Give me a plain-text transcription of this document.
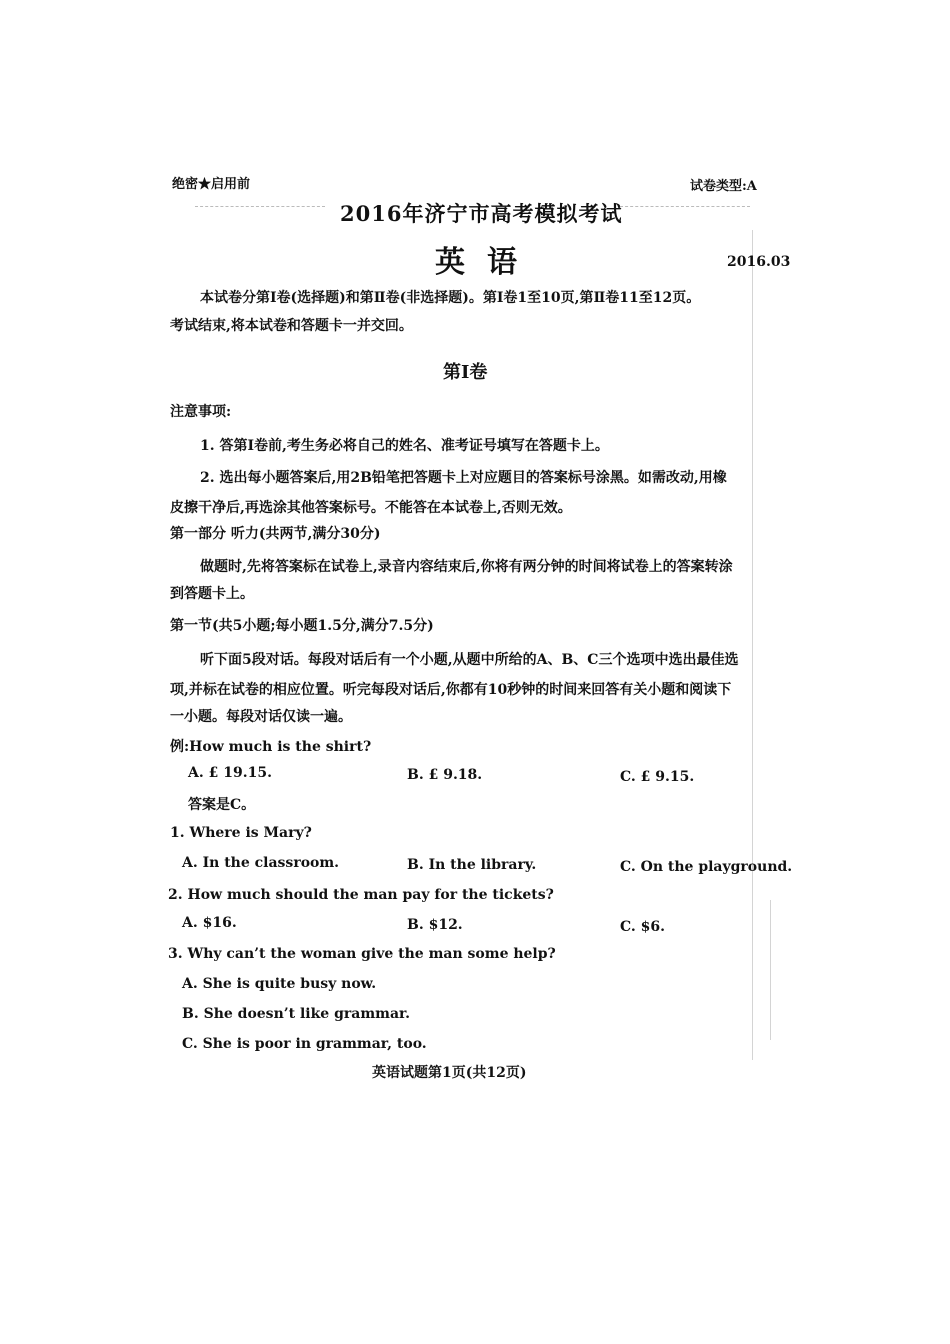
绝密★启用前	试卷类型:A
2016年济宁市高考模拟考试
英语	2016.03
本试卷分第Ⅰ卷(选择题)和第Ⅱ卷(非选择题)。第Ⅰ卷1至10页,第Ⅱ卷11至12页。
考试结束,将本试卷和答题卡一并交回。
第Ⅰ卷
注意事项:
1. 答第Ⅰ卷前,考生务必将自己的姓名、准考证号填写在答题卡上。
2. 选出每小题答案后,用2B铅笔把答题卡上对应题目的答案标号涂黑。如需改动,用橡
皮擦干净后,再选涂其他答案标号。不能答在本试卷上,否则无效。
第一部分 听力(共两节,满分30分)
做题时,先将答案标在试卷上,录音内容结束后,你将有两分钟的时间将试卷上的答案转涂
到答题卡上。
第一节(共5小题;每小题1.5分,满分7.5分)
听下面5段对话。每段对话后有一个小题,从题中所给的A、B、C三个选项中选出最佳选
项,并标在试卷的相应位置。听完每段对话后,你都有10秒钟的时间来回答有关小题和阅读下
一小题。每段对话仅读一遍。
例:How much is the shirt?
A. £ 19.15.	B. £ 9.18.	C. £ 9.15.
答案是C。
1. Where is Mary?
A. In the classroom.	B. In the library.	C. On the playground.
2. How much should the man pay for the tickets?
A. $16.	B. $12.	C. $6.
3. Why can’t the woman give the man some help?
A. She is quite busy now.
B. She doesn’t like grammar.
C. She is poor in grammar, too.
英语试题第1页(共12页)
